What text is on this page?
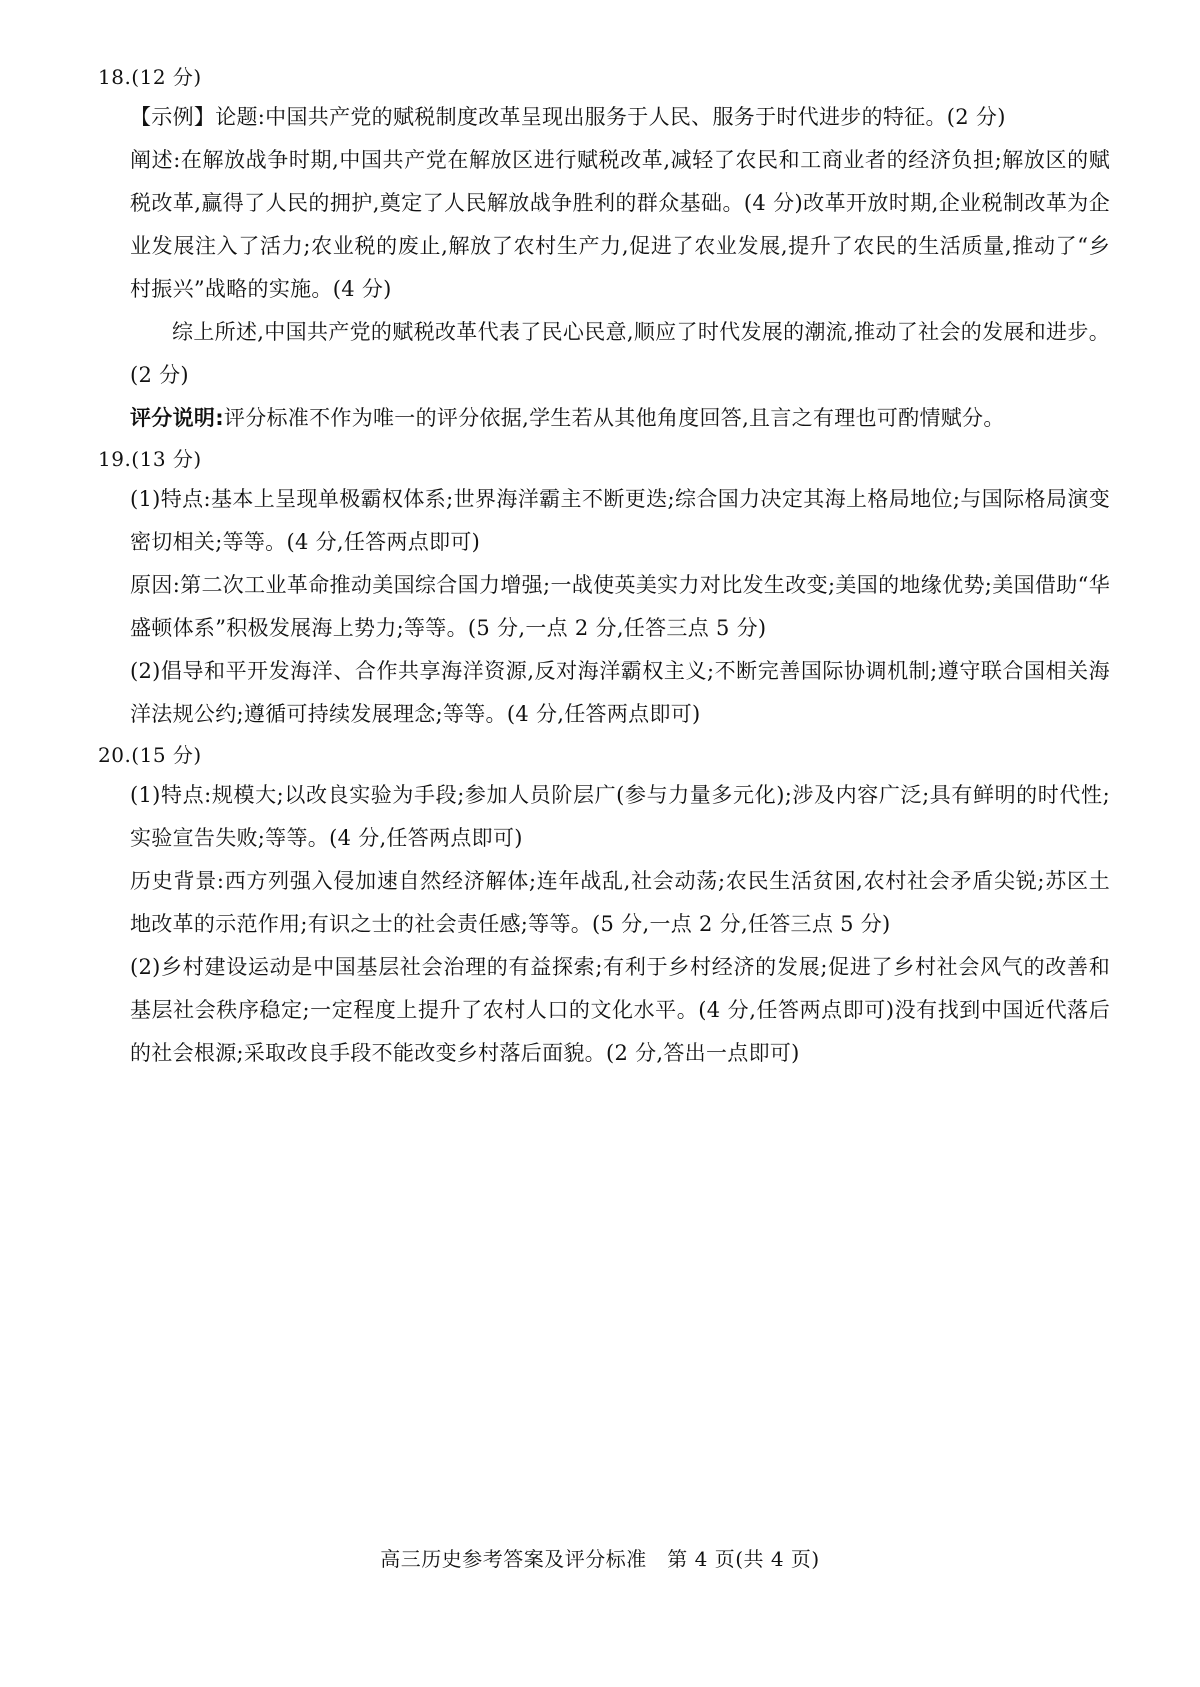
18.(12 分)

【示例】论题:中国共产党的赋税制度改革呈现出服务于人民、服务于时代进步的特征。(2 分)

阐述:在解放战争时期,中国共产党在解放区进行赋税改革,减轻了农民和工商业者的经济负担;解放区的赋税改革,赢得了人民的拥护,奠定了人民解放战争胜利的群众基础。(4 分)改革开放时期,企业税制改革为企业发展注入了活力;农业税的废止,解放了农村生产力,促进了农业发展,提升了农民的生活质量,推动了“乡村振兴”战略的实施。(4 分)

综上所述,中国共产党的赋税改革代表了民心民意,顺应了时代发展的潮流,推动了社会的发展和进步。(2 分)

评分说明:评分标准不作为唯一的评分依据,学生若从其他角度回答,且言之有理也可酌情赋分。

19.(13 分)

(1)特点:基本上呈现单极霸权体系;世界海洋霸主不断更迭;综合国力决定其海上格局地位;与国际格局演变密切相关;等等。(4 分,任答两点即可)

原因:第二次工业革命推动美国综合国力增强;一战使英美实力对比发生改变;美国的地缘优势;美国借助“华盛顿体系”积极发展海上势力;等等。(5 分,一点 2 分,任答三点 5 分)

(2)倡导和平开发海洋、合作共享海洋资源,反对海洋霸权主义;不断完善国际协调机制;遵守联合国相关海洋法规公约;遵循可持续发展理念;等等。(4 分,任答两点即可)

20.(15 分)

(1)特点:规模大;以改良实验为手段;参加人员阶层广(参与力量多元化);涉及内容广泛;具有鲜明的时代性;实验宣告失败;等等。(4 分,任答两点即可)

历史背景:西方列强入侵加速自然经济解体;连年战乱,社会动荡;农民生活贫困,农村社会矛盾尖锐;苏区土地改革的示范作用;有识之士的社会责任感;等等。(5 分,一点 2 分,任答三点 5 分)

(2)乡村建设运动是中国基层社会治理的有益探索;有利于乡村经济的发展;促进了乡村社会风气的改善和基层社会秩序稳定;一定程度上提升了农村人口的文化水平。(4 分,任答两点即可)没有找到中国近代落后的社会根源;采取改良手段不能改变乡村落后面貌。(2 分,答出一点即可)

高三历史参考答案及评分标准　第 4 页(共 4 页)
